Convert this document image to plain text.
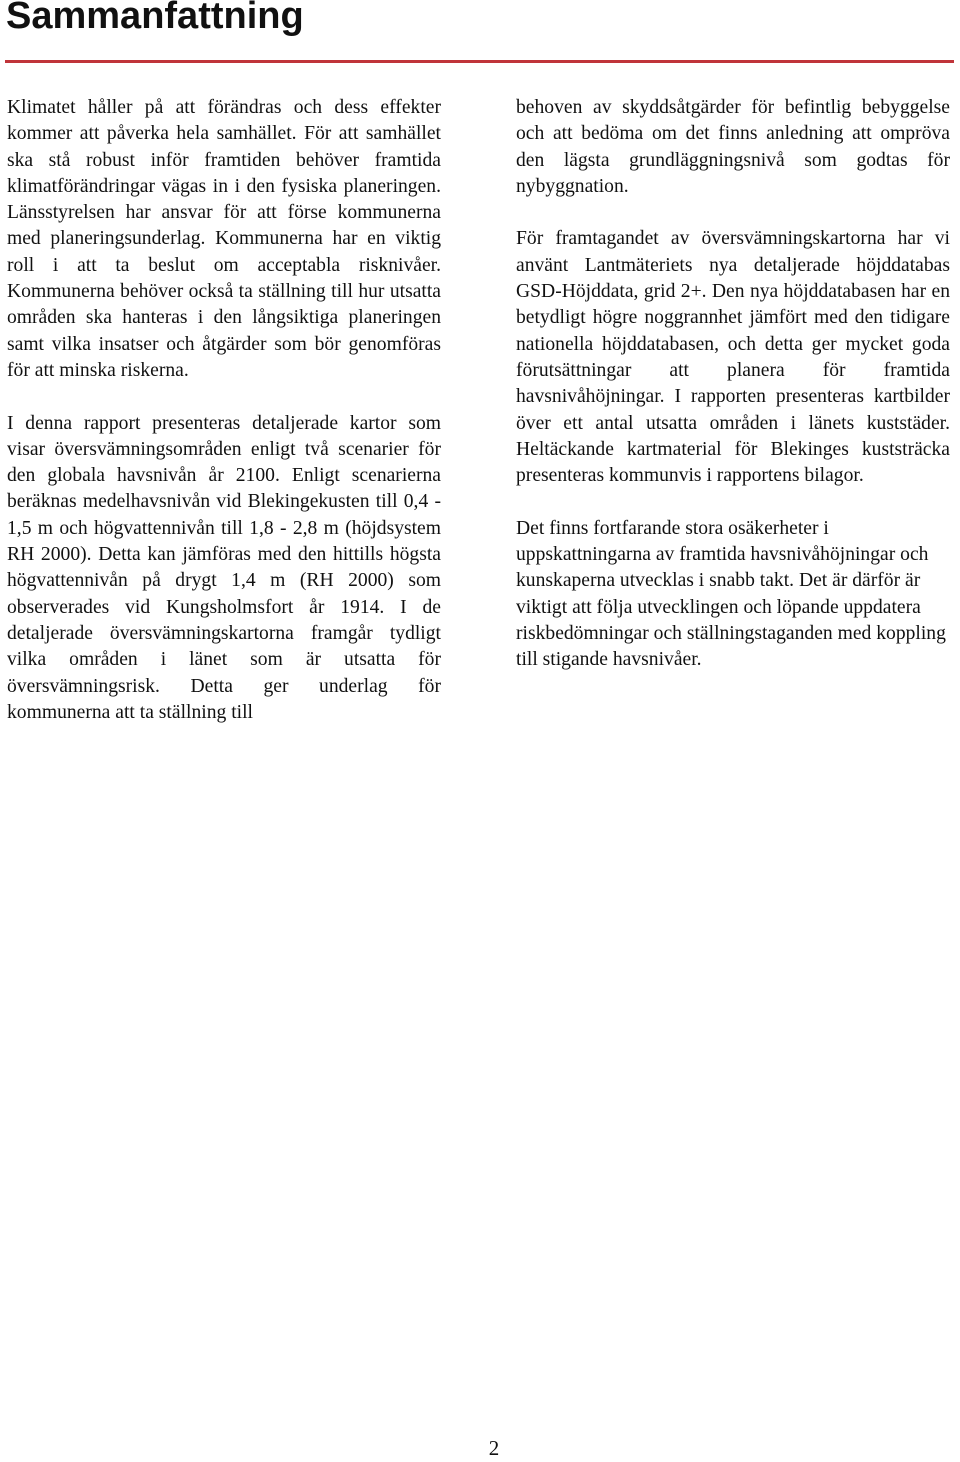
Sammanfattning

Klimatet håller på att förändras och dess effekter kommer att påverka hela samhället. För att samhället ska stå robust inför framtiden behöver framtida klimatförändringar vägas in i den fysiska planeringen. Länsstyrelsen har ansvar för att förse kommunerna med planeringsunderlag. Kommunerna har en viktig roll i att ta beslut om acceptabla risknivåer. Kommunerna behöver också ta ställning till hur utsatta områden ska hanteras i den långsiktiga planeringen samt vilka insatser och åtgärder som bör genomföras för att minska riskerna.

I denna rapport presenteras detaljerade kartor som visar översvämningsområden enligt två scenarier för den globala havsnivån år 2100. Enligt scenarierna beräknas medelhavsnivån vid Blekingekusten till 0,4 - 1,5 m och högvattennivån till 1,8 - 2,8 m (höjdsystem RH 2000). Detta kan jämföras med den hittills högsta högvattennivån på drygt 1,4 m (RH 2000) som observerades vid Kungsholmsfort år 1914. I de detaljerade översvämningskartorna framgår tydligt vilka områden i länet som är utsatta för översvämningsrisk. Detta ger underlag för kommunerna att ta ställning till

behoven av skyddsåtgärder för befintlig bebyggelse och att bedöma om det finns anledning att ompröva den lägsta grundläggningsnivå som godtas för nybyggnation.

För framtagandet av översvämningskartorna har vi använt Lantmäteriets nya detaljerade höjddatabas GSD-Höjddata, grid 2+. Den nya höjddatabasen har en betydligt högre noggrannhet jämfört med den tidigare nationella höjddatabasen, och detta ger mycket goda förutsättningar att planera för framtida havsnivåhöjningar. I rapporten presenteras kartbilder över ett antal utsatta områden i länets kuststäder. Heltäckande kartmaterial för Blekinges kuststräcka presenteras kommunvis i rapportens bilagor.

Det finns fortfarande stora osäkerheter i uppskattningarna av framtida havsnivåhöjningar och kunskaperna utvecklas i snabb takt. Det är därför är viktigt att följa utvecklingen och löpande uppdatera riskbedömningar och ställningstaganden med koppling till stigande havsnivåer.

2
